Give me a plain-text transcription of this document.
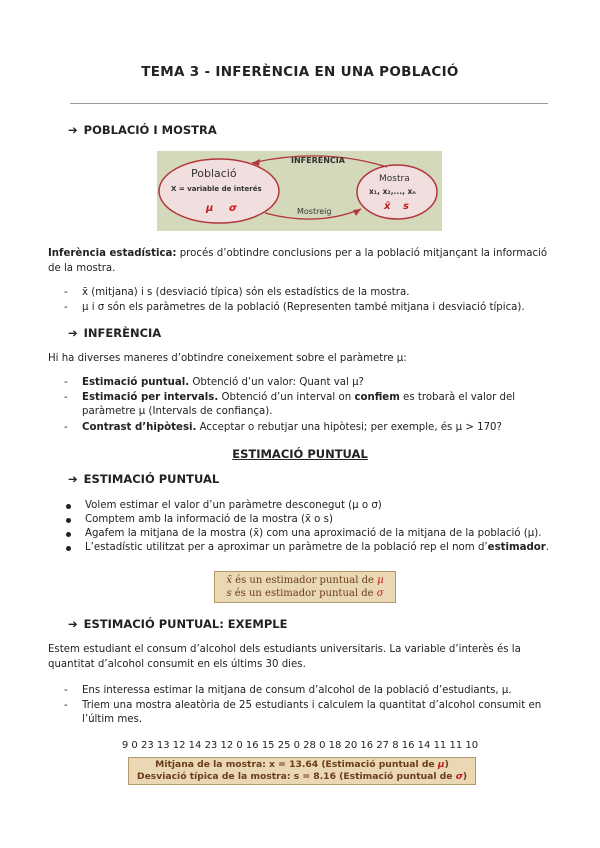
TEMA 3 - INFERÈNCIA EN UNA POBLACIÓ
➔ POBLACIÓ I MOSTRA
Població
X = variable de interés
μ σ
INFERÈNCIA
Mostra
x₁, x₂,..., xₙ
x̄ s
Mostreig
Inferència estadística: procés d’obtindre conclusions per a la població mitjançant la informació de la mostra.
- x̄ (mitjana) i s (desviació típica) són els estadístics de la mostra.
- μ i σ són els paràmetres de la població (Representen també mitjana i desviació típica).
➔ INFERÈNCIA
Hi ha diverses maneres d’obtindre coneixement sobre el paràmetre μ:
- Estimació puntual. Obtenció d’un valor: Quant val μ?
- Estimació per intervals. Obtenció d’un interval on confiem es trobarà el valor del paràmetre μ (Intervals de confiança).
- Contrast d’hipòtesi. Acceptar o rebutjar una hipòtesi; per exemple, és μ > 170?
ESTIMACIÓ PUNTUAL
➔ ESTIMACIÓ PUNTUAL
Volem estimar el valor d’un paràmetre desconegut (μ o σ)
Comptem amb la informació de la mostra (x̄ o s)
Agafem la mitjana de la mostra (x̄) com una aproximació de la mitjana de la població (μ).
L’estadístic utilitzat per a aproximar un paràmetre de la població rep el nom d’estimador.
x̄ és un estimador puntual de μ
s és un estimador puntual de σ
➔ ESTIMACIÓ PUNTUAL: EXEMPLE
Estem estudiant el consum d’alcohol dels estudiants universitaris. La variable d’interès és la quantitat d’alcohol consumit en els últims 30 dies.
- Ens interessa estimar la mitjana de consum d’alcohol de la població d’estudiants, μ.
- Triem una mostra aleatòria de 25 estudiants i calculem la quantitat d’alcohol consumit en l’últim mes.
9 0 23 13 12 14 23 12 0 16 15 25 0 28 0 18 20 16 27 8 16 14 11 11 10
Mitjana de la mostra: x = 13.64 (Estimació puntual de μ)
Desviació típica de la mostra: s = 8.16 (Estimació puntual de σ)
